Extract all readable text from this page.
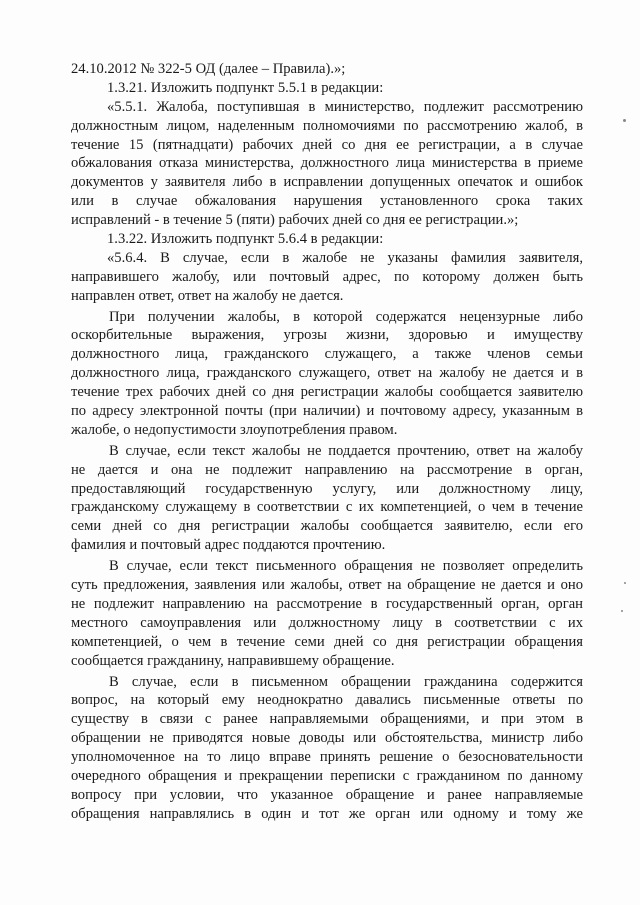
24.10.2012 № 322-5 ОД (далее – Правила).»;
1.3.21. Изложить подпункт 5.5.1 в редакции:
«5.5.1. Жалоба, поступившая в министерство, подлежит рассмотрению
должностным лицом, наделенным полномочиями по рассмотрению жалоб, в
течение 15 (пятнадцати) рабочих дней со дня ее регистрации, а в случае
обжалования отказа министерства, должностного лица министерства в приеме
документов у заявителя либо в исправлении допущенных опечаток и ошибок
или в случае обжалования нарушения установленного срока таких
исправлений - в течение 5 (пяти) рабочих дней со дня ее регистрации.»;
1.3.22. Изложить подпункт 5.6.4 в редакции:
«5.6.4. В случае, если в жалобе не указаны фамилия заявителя,
направившего жалобу, или почтовый адрес, по которому должен быть
направлен ответ, ответ на жалобу не дается.
При получении жалобы, в которой содержатся нецензурные либо
оскорбительные выражения, угрозы жизни, здоровью и имуществу
должностного лица, гражданского служащего, а также членов семьи
должностного лица, гражданского служащего, ответ на жалобу не дается и в
течение трех рабочих дней со дня регистрации жалобы сообщается заявителю
по адресу электронной почты (при наличии) и почтовому адресу, указанным в
жалобе, о недопустимости злоупотребления правом.
В случае, если текст жалобы не поддается прочтению, ответ на жалобу
не дается и она не подлежит направлению на рассмотрение в орган,
предоставляющий государственную услугу, или должностному лицу,
гражданскому служащему в соответствии с их компетенцией, о чем в течение
семи дней со дня регистрации жалобы сообщается заявителю, если его
фамилия и почтовый адрес поддаются прочтению.
В случае, если текст письменного обращения не позволяет определить
суть предложения, заявления или жалобы, ответ на обращение не дается и оно
не подлежит направлению на рассмотрение в государственный орган, орган
местного самоуправления или должностному лицу в соответствии с их
компетенцией, о чем в течение семи дней со дня регистрации обращения
сообщается гражданину, направившему обращение.
В случае, если в письменном обращении гражданина содержится
вопрос, на который ему неоднократно давались письменные ответы по
существу в связи с ранее направляемыми обращениями, и при этом в
обращении не приводятся новые доводы или обстоятельства, министр либо
уполномоченное на то лицо вправе принять решение о безосновательности
очередного обращения и прекращении переписки с гражданином по данному
вопросу при условии, что указанное обращение и ранее направляемые
обращения направлялись в один и тот же орган или одному и тому же
